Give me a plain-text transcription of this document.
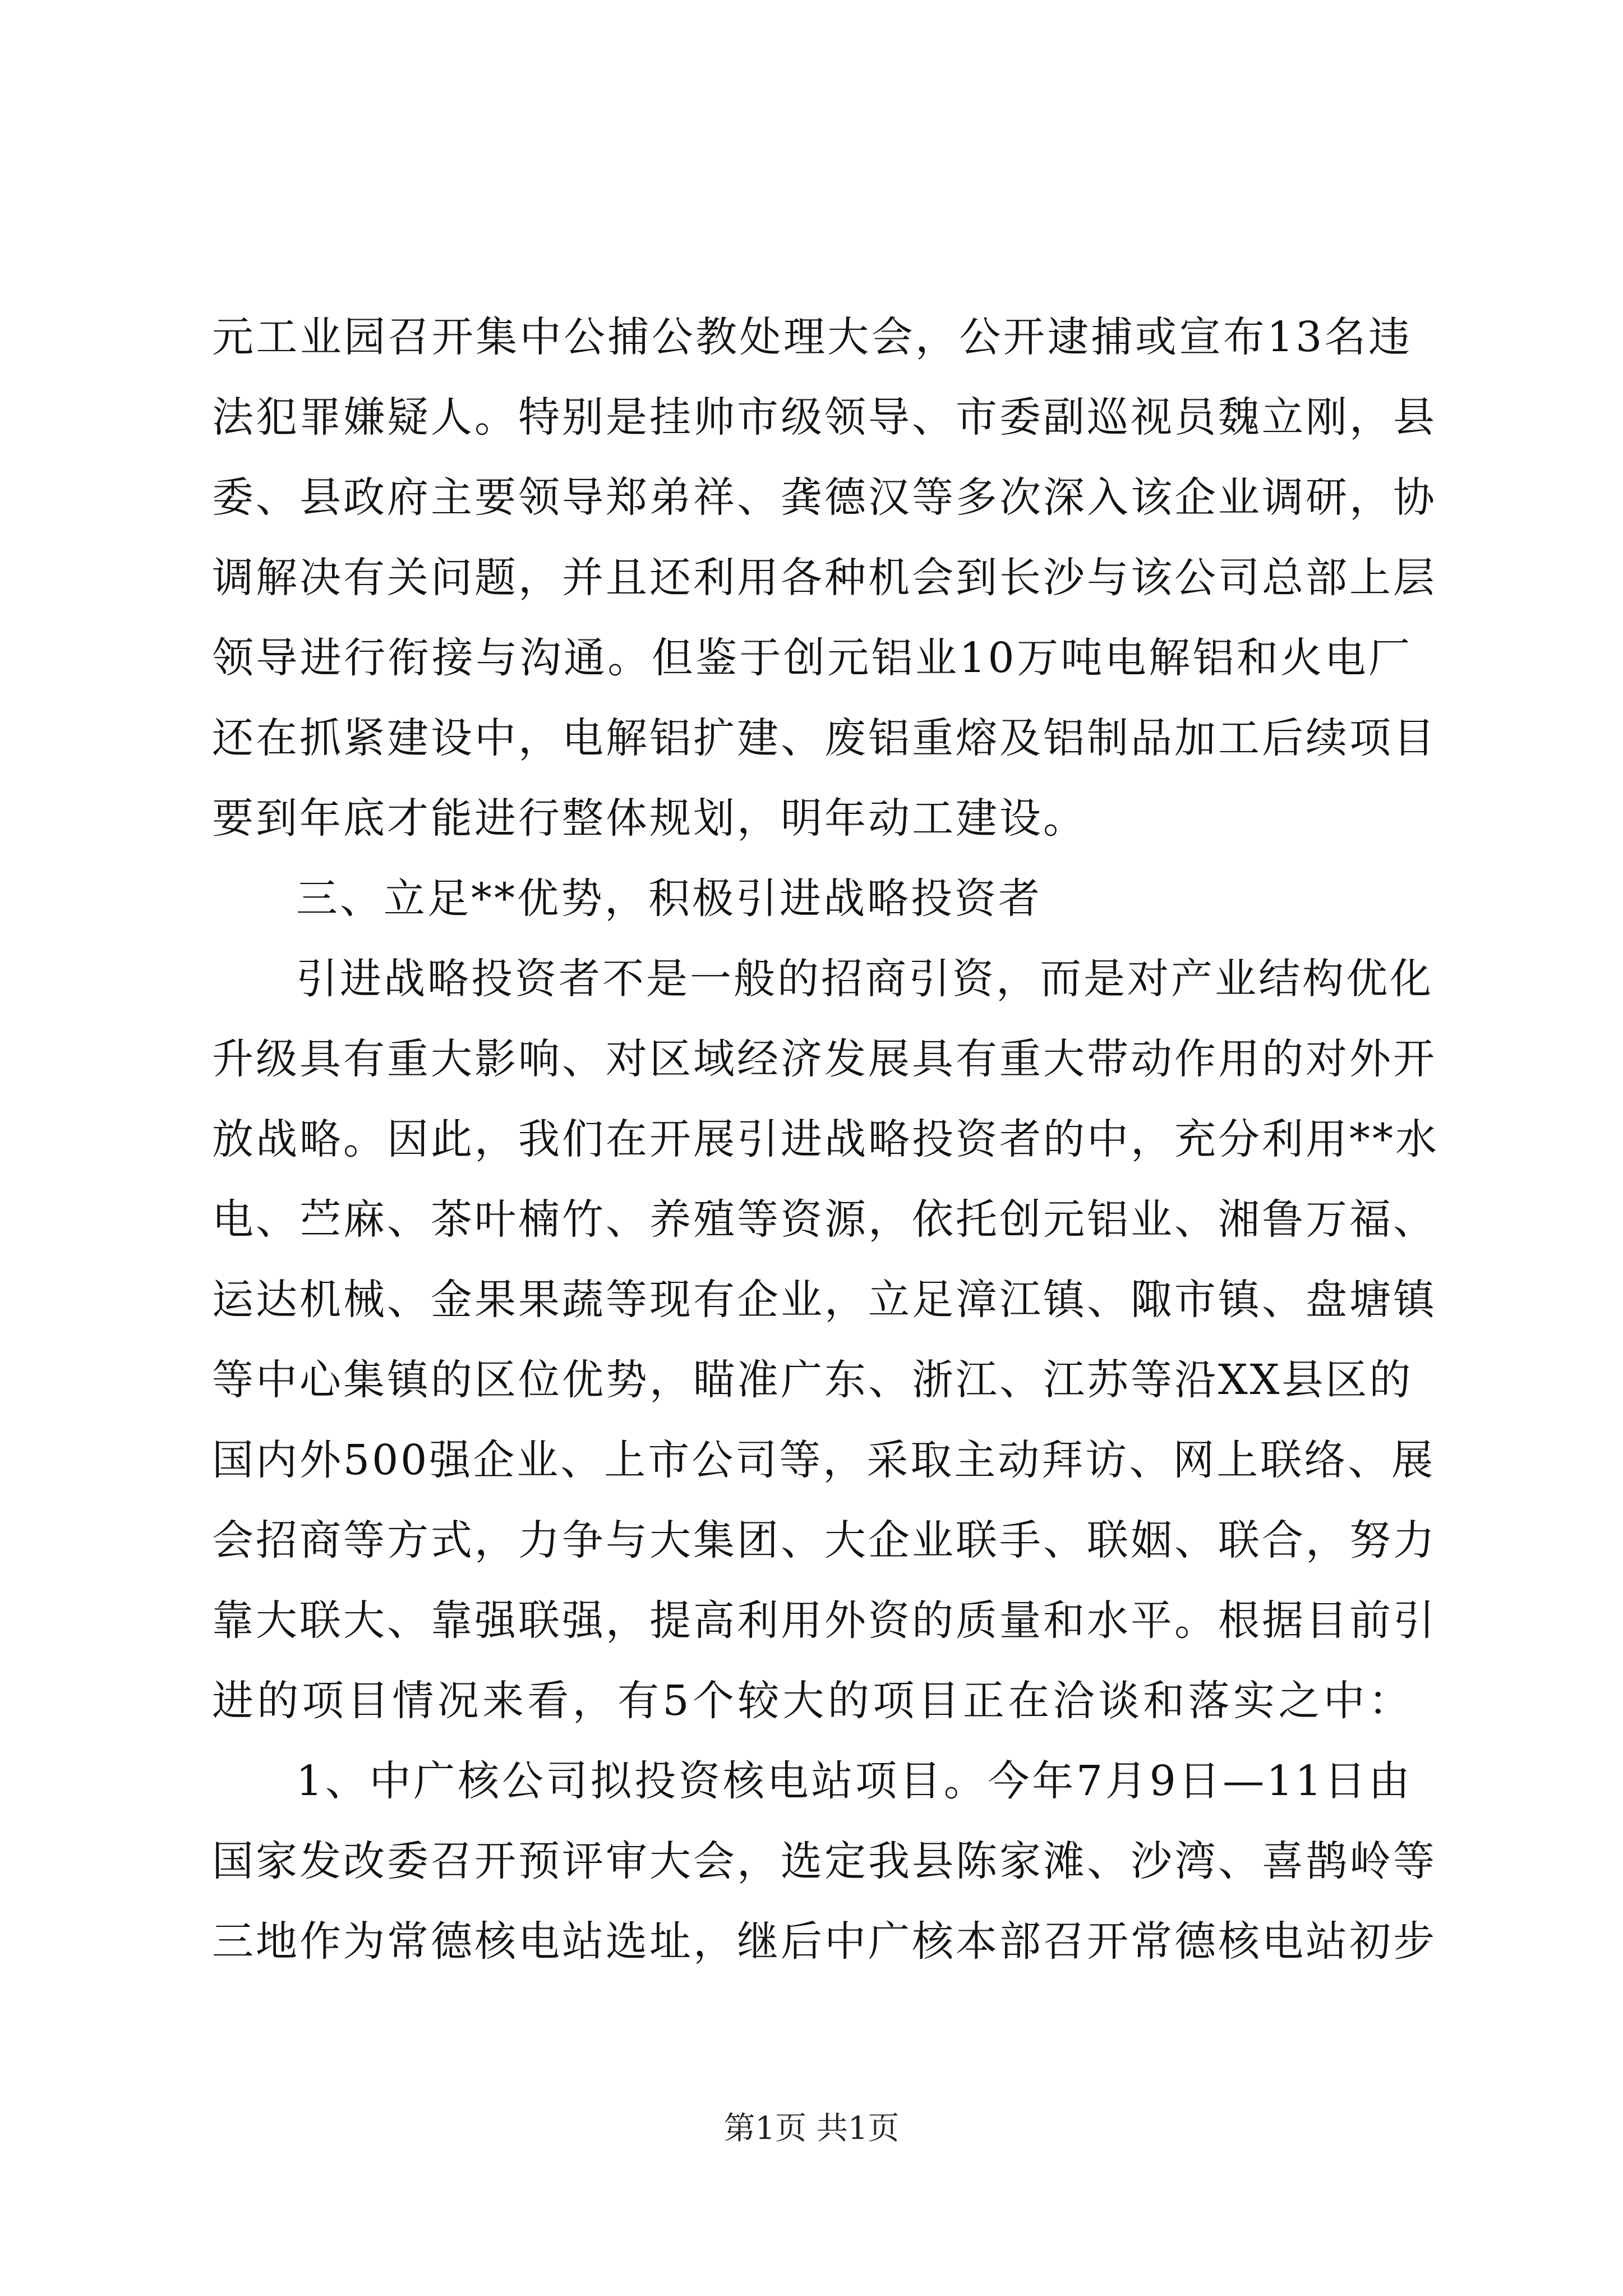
元工业园召开集中公捕公教处理大会，公开逮捕或宣布13名违
法犯罪嫌疑人。特别是挂帅市级领导、市委副巡视员魏立刚，县
委、县政府主要领导郑弟祥、龚德汉等多次深入该企业调研，协
调解决有关问题，并且还利用各种机会到长沙与该公司总部上层
领导进行衔接与沟通。但鉴于创元铝业10万吨电解铝和火电厂
还在抓紧建设中，电解铝扩建、废铝重熔及铝制品加工后续项目
要到年底才能进行整体规划，明年动工建设。
三、立足**优势，积极引进战略投资者
引进战略投资者不是一般的招商引资，而是对产业结构优化
升级具有重大影响、对区域经济发展具有重大带动作用的对外开
放战略。因此，我们在开展引进战略投资者的中，充分利用**水
电、苎麻、茶叶楠竹、养殖等资源，依托创元铝业、湘鲁万福、
运达机械、金果果蔬等现有企业，立足漳江镇、陬市镇、盘塘镇
等中心集镇的区位优势，瞄准广东、浙江、江苏等沿XX县区的
国内外500强企业、上市公司等，采取主动拜访、网上联络、展
会招商等方式，力争与大集团、大企业联手、联姻、联合，努力
靠大联大、靠强联强，提高利用外资的质量和水平。根据目前引
进的项目情况来看，有5个较大的项目正在洽谈和落实之中：
1、中广核公司拟投资核电站项目。今年7月9日—11日由
国家发改委召开预评审大会，选定我县陈家滩、沙湾、喜鹊岭等
三地作为常德核电站选址，继后中广核本部召开常德核电站初步
第1页 共1页
